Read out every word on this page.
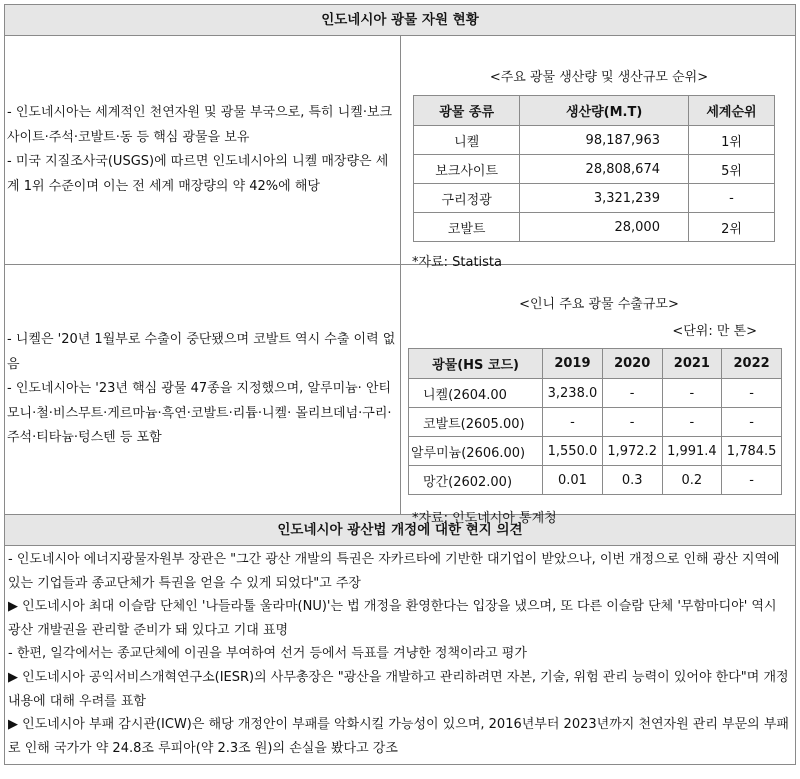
인도네시아 광물 자원 현황

- 인도네시아는 세계적인 천연자원 및 광물 부국으로, 특히 니켈·보크사이트·주석·코발트·동 등 핵심 광물을 보유

- 미국 지질조사국(USGS)에 따르면 인도네시아의 니켈 매장량은 세계 1위 수준이며 이는 전 세계 매장량의 약 42%에 해당

<주요 광물 생산량 및 생산규모 순위>
광물 종류	생산량(M.T)	세계순위
니켈	98,187,963	1위
보크사이트	28,808,674	5위
구리정광	3,321,239	-
코발트	28,000	2위
*자료: Statista

- 니켈은 '20년 1월부로 수출이 중단됐으며 코발트 역시 수출 이력 없음

- 인도네시아는 '23년 핵심 광물 47종을 지정했으며, 알루미늄· 안티모니·철·비스무트·게르마늄·흑연·코발트·리튬·니켈· 몰리브데넘·구리·주석·티타늄·텅스텐 등 포함

<인니 주요 광물 수출규모>
<단위: 만 톤>
광물(HS 코드)	2019	2020	2021	2022
니켈(2604.00	3,238.0	-	-	-
코발트(2605.00)	-	-	-	-
알루미늄(2606.00)	1,550.0	1,972.2	1,991.4	1,784.5
망간(2602.00)	0.01	0.3	0.2	-
*자료: 인도네시아 통계청
인도네시아 광산법 개정에 대한 현지 의견

- 인도네시아 에너지광물자원부 장관은 "그간 광산 개발의 특권은 자카르타에 기반한 대기업이 받았으나, 이번 개정으로 인해 광산 지역에 있는 기업들과 종교단체가 특권을 얻을 수 있게 되었다"고 주장

▶ 인도네시아 최대 이슬람 단체인 '나들라툴 울라마(NU)'는 법 개정을 환영한다는 입장을 냈으며, 또 다른 이슬람 단체 '무함마디야' 역시 광산 개발권을 관리할 준비가 돼 있다고 기대 표명

- 한편, 일각에서는 종교단체에 이권을 부여하여 선거 등에서 득표를 겨냥한 정책이라고 평가

▶ 인도네시아 공익서비스개혁연구소(IESR)의 사무총장은 "광산을 개발하고 관리하려면 자본, 기술, 위험 관리 능력이 있어야 한다"며 개정 내용에 대해 우려를 표함

▶ 인도네시아 부패 감시관(ICW)은 해당 개정안이 부패를 악화시킬 가능성이 있으며, 2016년부터 2023년까지 천연자원 관리 부문의 부패로 인해 국가가 약 24.8조 루피아(약 2.3조 원)의 손실을 봤다고 강조
